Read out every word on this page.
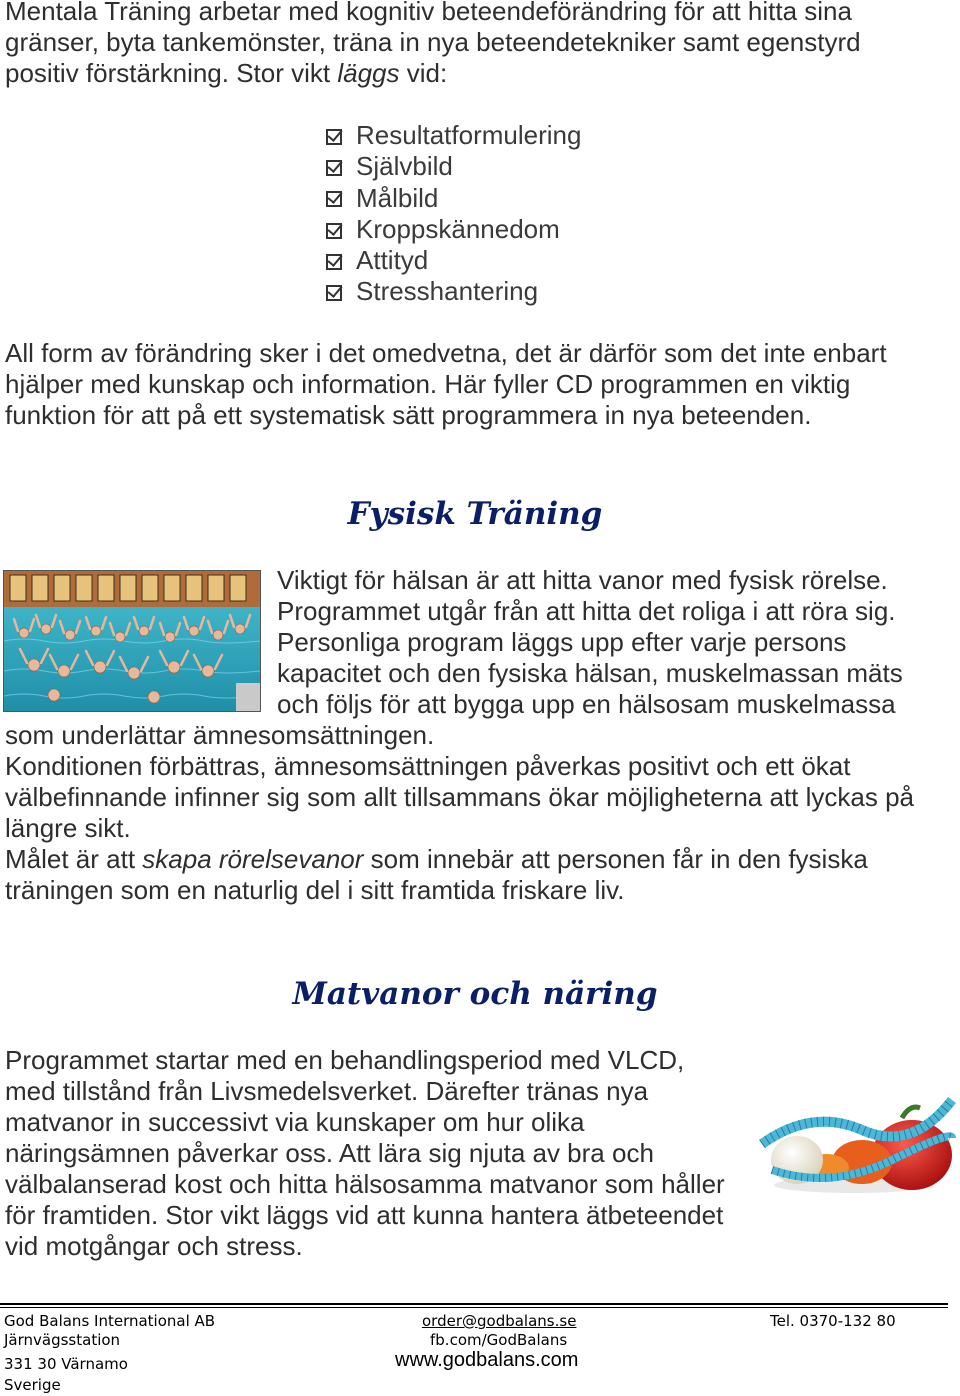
Mentala Träning arbetar med kognitiv beteendeförändring för att hitta sina gränser, byta tankemönster, träna in nya beteendetekniker samt egenstyrd positiv förstärkning. Stor vikt läggs vid:

Resultatformulering
Självbild
Målbild
Kroppskännedom
Attityd
Stresshantering

All form av förändring sker i det omedvetna, det är därför som det inte enbart hjälper med kunskap och information. Här fyller CD programmen en viktig funktion för att på ett systematisk sätt programmera in nya beteenden.

Fysisk Träning
Viktigt för hälsan är att hitta vanor med fysisk rörelse. Programmet utgår från att hitta det roliga i att röra sig. Personliga program läggs upp efter varje persons kapacitet och den fysiska hälsan, muskelmassan mäts och följs för att bygga upp en hälsosam muskelmassa som underlättar ämnesomsättningen.
Konditionen förbättras, ämnesomsättningen påverkas positivt och ett ökat välbefinnande infinner sig som allt tillsammans ökar möjligheterna att lyckas på längre sikt.
Målet är att skapa rörelsevanor som innebär att personen får in den fysiska träningen som en naturlig del i sitt framtida friskare liv.
Matvanor och näring

Programmet startar med en behandlingsperiod med VLCD, med tillstånd från Livsmedelsverket. Därefter tränas nya matvanor in successivt via kunskaper om hur olika näringsämnen påverkar oss. Att lära sig njuta av bra och välbalanserad kost och hitta hälsosamma matvanor som håller för framtiden. Stor vikt läggs vid att kunna hantera ätbeteendet vid motgångar och stress.

God Balans International AB

Järnvägsstation

331 30 Värnamo

Sverige

order@godbalans.se

fb.com/GodBalans

www.godbalans.com

Tel. 0370-132 80
